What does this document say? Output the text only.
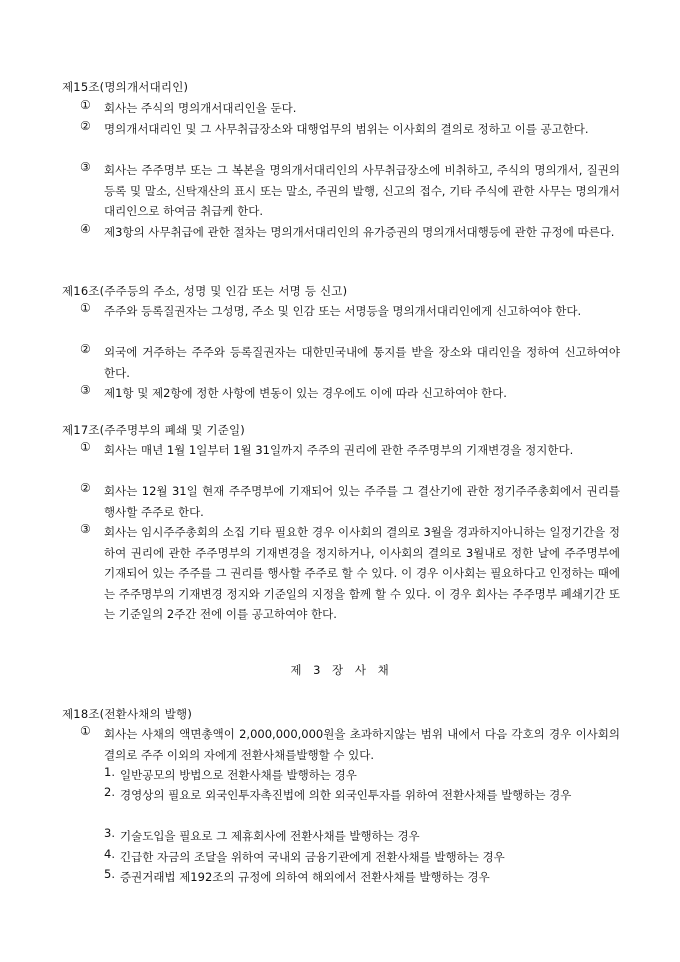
제15조(명의개서대리인)
①	회사는 주식의 명의개서대리인을 둔다.
②	명의개서대리인 및 그 사무취급장소와 대행업무의 범위는 이사회의 결의로 정하고 이를 공고한다.
③	회사는 주주명부 또는 그 복본을 명의개서대리인의 사무취급장소에 비취하고, 주식의 명의개서, 질권의 등록 및 말소, 신탁재산의 표시 또는 말소, 주권의 발행, 신고의 접수, 기타 주식에 관한 사무는 명의개서대리인으로 하여금 취급케 한다.
④	제3항의 사무취급에 관한 절차는 명의개서대리인의 유가증권의 명의개서대행등에 관한 규정에 따른다.
제16조(주주등의 주소, 성명 및 인감 또는 서명 등 신고)
①	주주와 등록질권자는 그성명, 주소 및 인감 또는 서명등을 명의개서대리인에게 신고하여야 한다.
②	외국에 거주하는 주주와 등록질권자는 대한민국내에 통지를 받을 장소와 대리인을 정하여 신고하여야 한다.
③	제1항 및 제2항에 정한 사항에 변동이 있는 경우에도 이에 따라 신고하여야 한다.
제17조(주주명부의 폐쇄 및 기준일)
①	회사는 매년 1월 1일부터 1월 31일까지 주주의 권리에 관한 주주명부의 기재변경을 정지한다.
②	회사는 12월 31일 현재 주주명부에 기재되어 있는 주주를 그 결산기에 관한 정기주주총회에서 권리를 행사할 주주로 한다.
③	회사는 임시주주총회의 소집 기타 필요한 경우 이사회의 결의로 3월을 경과하지아니하는 일정기간을 정하여 권리에 관한 주주명부의 기재변경을 정지하거나, 이사회의 결의로 3월내로 정한 날에 주주명부에 기재되어 있는 주주를 그 권리를 행사할 주주로 할 수 있다. 이 경우 이사회는 필요하다고 인정하는 때에는 주주명부의 기재변경 정지와 기준일의 지정을 함께 할 수 있다. 이 경우 회사는 주주명부 폐쇄기간 또는 기준일의 2주간 전에 이를 공고하여야 한다.
제 3 장 사 채
제18조(전환사채의 발행)
①	회사는 사채의 액면총액이 2,000,000,000원을 초과하지않는 범위 내에서 다음 각호의 경우 이사회의 결의로 주주 이외의 자에게 전환사채를발행할 수 있다.
1. 일반공모의 방법으로 전환사채를 발행하는 경우
2. 경영상의 필요로 외국인투자촉진법에 의한 외국인투자를 위하여 전환사채를 발행하는 경우
3. 기술도입을 필요로 그 제휴회사에 전환사채를 발행하는 경우
4. 긴급한 자금의 조달을 위하여 국내외 금융기관에게 전환사채를 발행하는 경우
5. 증권거래법 제192조의 규정에 의하여 해외에서 전환사채를 발행하는 경우
